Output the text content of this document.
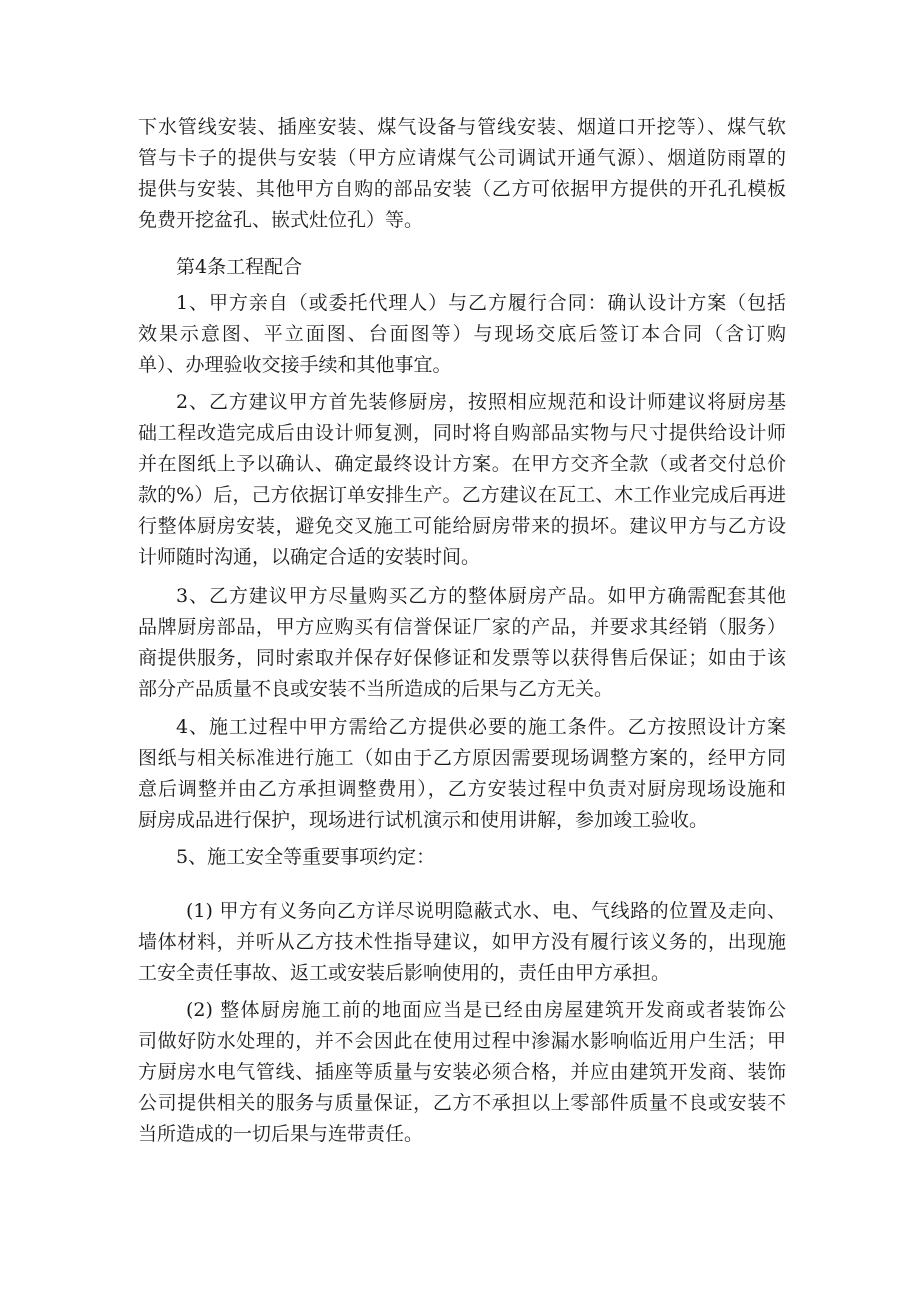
下水管线安装、插座安装、煤气设备与管线安装、烟道口开挖等）、煤气软
管与卡子的提供与安装（甲方应请煤气公司调试开通气源）、烟道防雨罩的
提供与安装、其他甲方自购的部品安装（乙方可依据甲方提供的开孔孔模板
免费开挖盆孔、嵌式灶位孔）等。
第4条工程配合
1、甲方亲自（或委托代理人）与乙方履行合同：确认设计方案（包括
效果示意图、平立面图、台面图等）与现场交底后签订本合同（含订购
单）、办理验收交接手续和其他事宜。
2、乙方建议甲方首先装修厨房，按照相应规范和设计师建议将厨房基
础工程改造完成后由设计师复测，同时将自购部品实物与尺寸提供给设计师
并在图纸上予以确认、确定最终设计方案。在甲方交齐全款（或者交付总价
款的%）后，己方依据订单安排生产。乙方建议在瓦工、木工作业完成后再进
行整体厨房安装，避免交叉施工可能给厨房带来的损坏。建议甲方与乙方设
计师随时沟通，以确定合适的安装时间。
3、乙方建议甲方尽量购买乙方的整体厨房产品。如甲方确需配套其他
品牌厨房部品，甲方应购买有信誉保证厂家的产品，并要求其经销（服务）
商提供服务，同时索取并保存好保修证和发票等以获得售后保证；如由于该
部分产品质量不良或安装不当所造成的后果与乙方无关。
4、施工过程中甲方需给乙方提供必要的施工条件。乙方按照设计方案
图纸与相关标准进行施工（如由于乙方原因需要现场调整方案的，经甲方同
意后调整并由乙方承担调整费用），乙方安装过程中负责对厨房现场设施和
厨房成品进行保护，现场进行试机演示和使用讲解，参加竣工验收。
5、施工安全等重要事项约定：
(1) 甲方有义务向乙方详尽说明隐蔽式水、电、气线路的位置及走向、
墙体材料，并听从乙方技术性指导建议，如甲方没有履行该义务的，出现施
工安全责任事故、返工或安装后影响使用的，责任由甲方承担。
(2) 整体厨房施工前的地面应当是已经由房屋建筑开发商或者装饰公
司做好防水处理的，并不会因此在使用过程中渗漏水影响临近用户生活；甲
方厨房水电气管线、插座等质量与安装必须合格，并应由建筑开发商、装饰
公司提供相关的服务与质量保证，乙方不承担以上零部件质量不良或安装不
当所造成的一切后果与连带责任。
